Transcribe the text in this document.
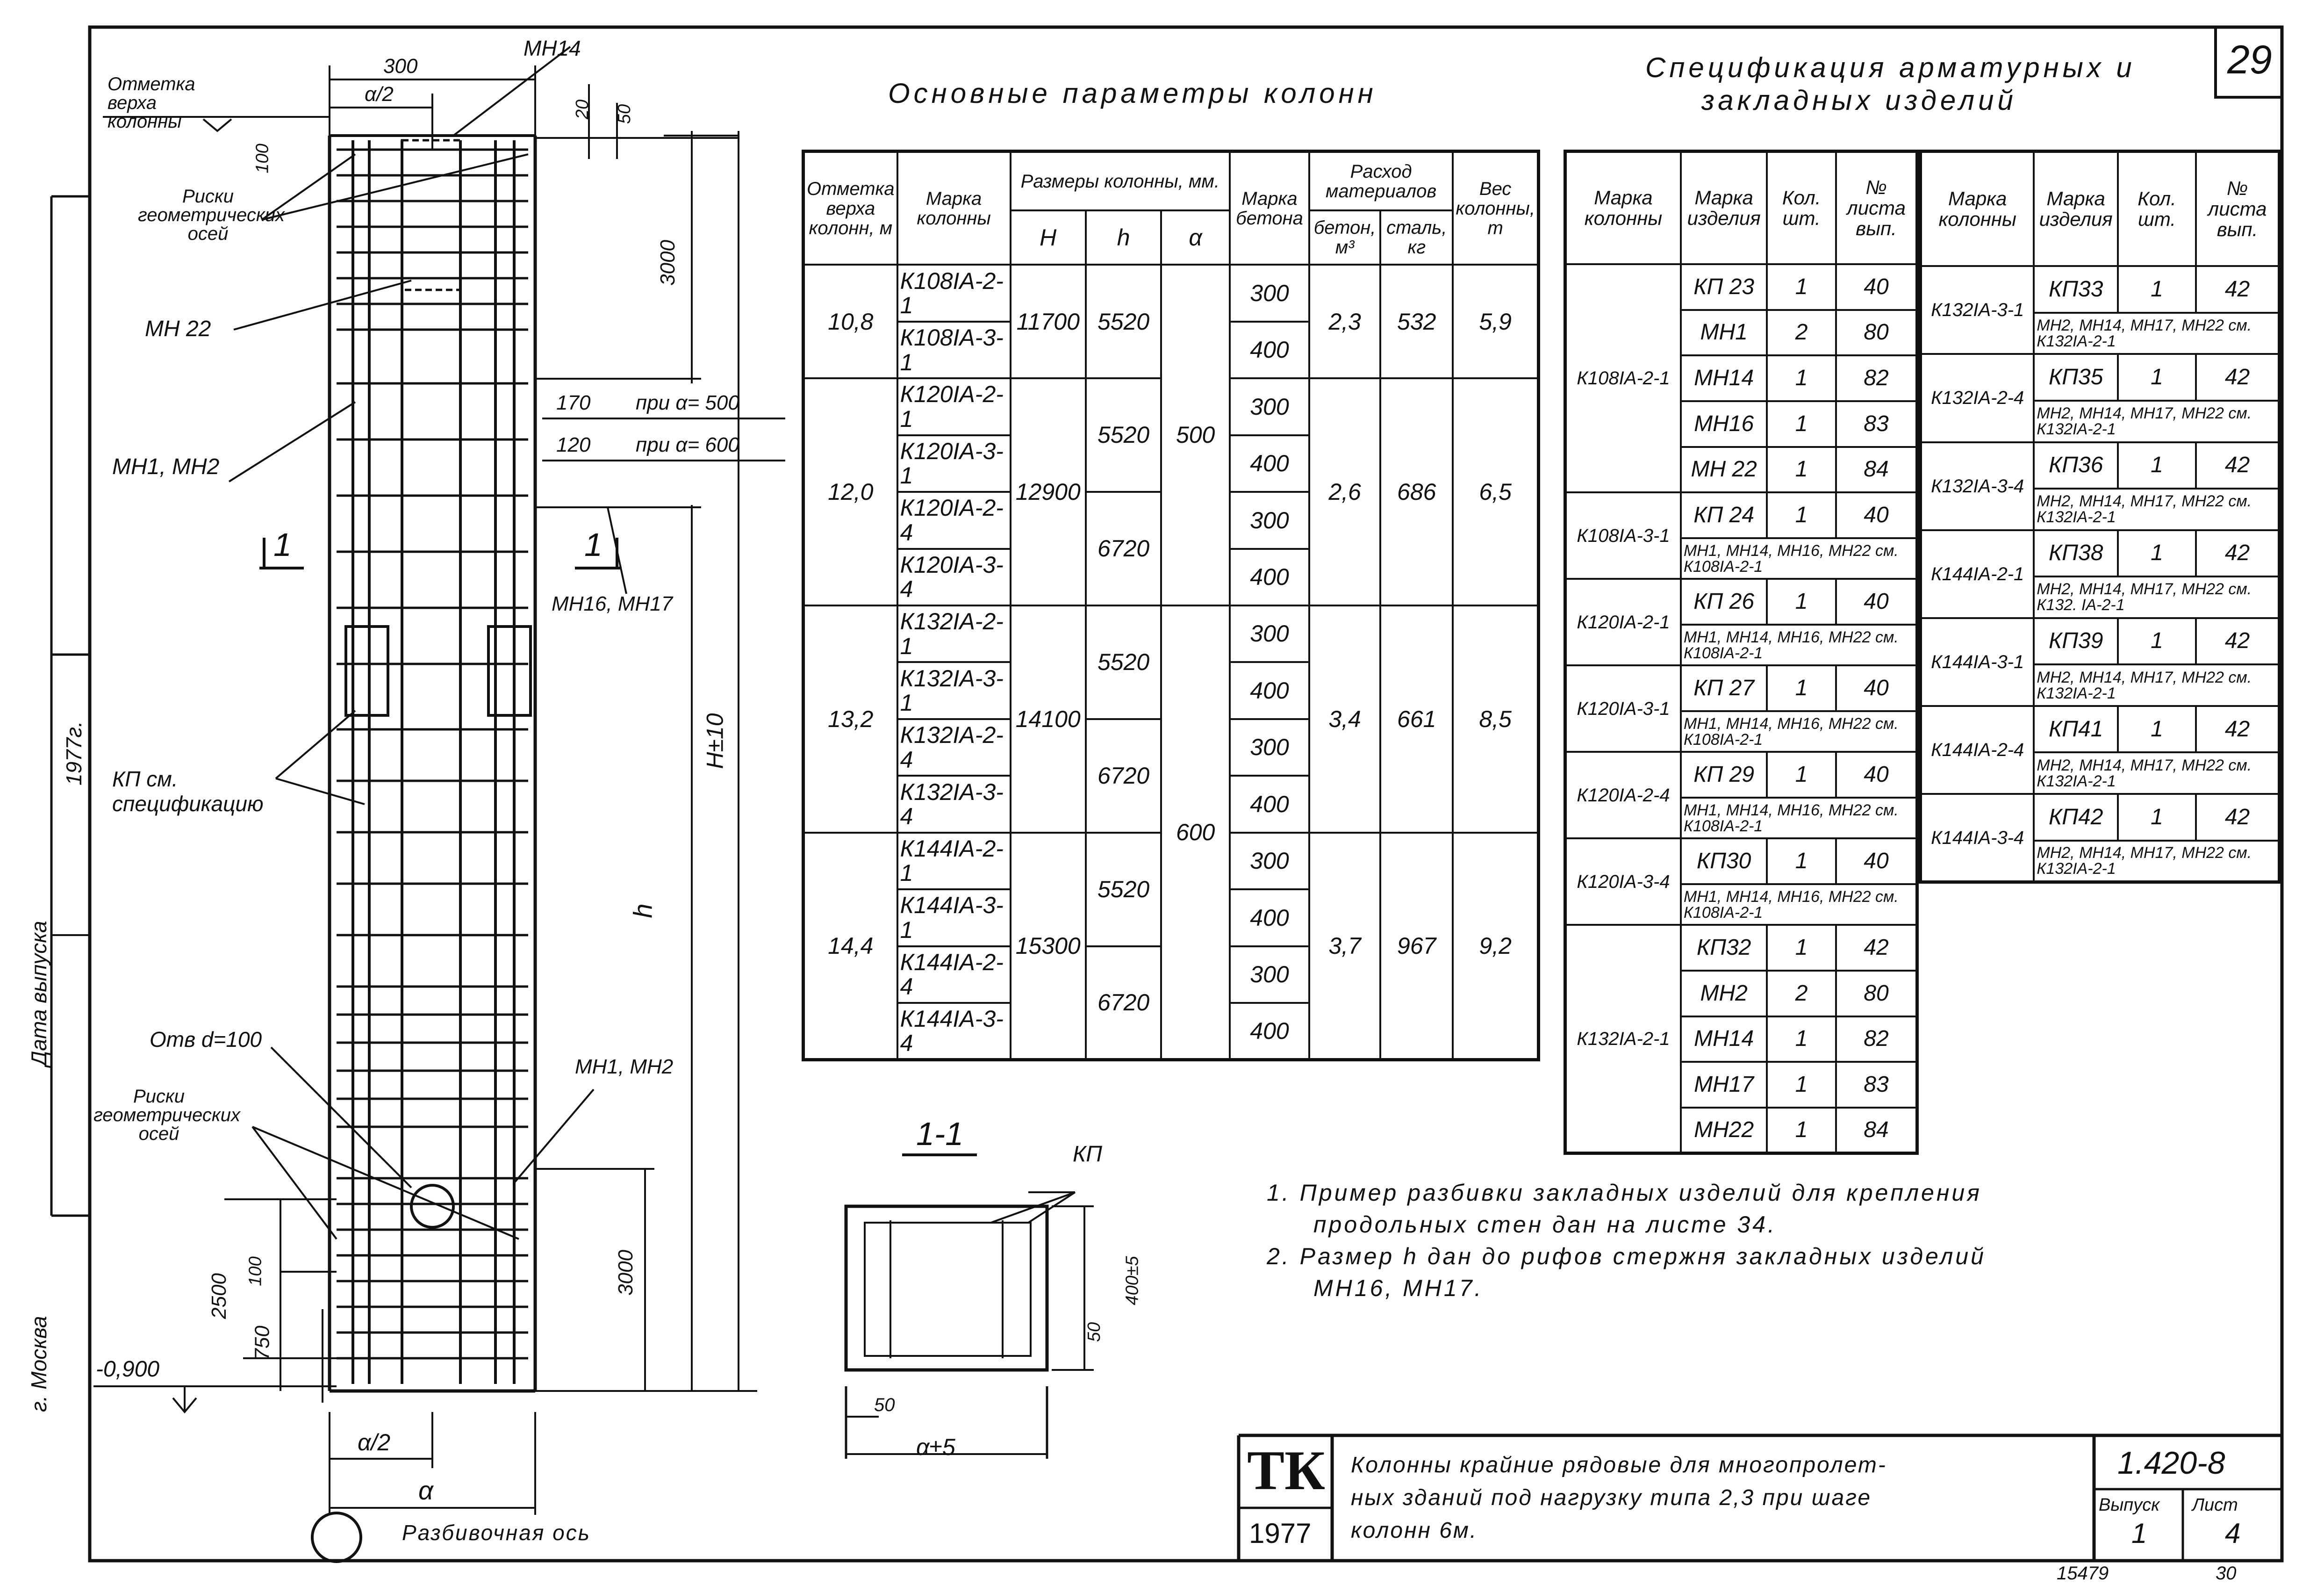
29
Основные параметры колонн
Спецификация арматурных и
закладных изделий
Отметка верха колонн, м	Марка колонны	Размеры колонны, мм.			Марка бетона	Расход материалов		Вес колонны, т
		H	h	α		бетон, м³	сталь, кг	
10,8	К108IА-2-1	11700	5520	500	300	2,3	532	5,9
	К108IА-3-1				400			
12,0	К120IА-2-1	12900	5520		300	2,6	686	6,5
	К120IА-3-1				400			
	К120IА-2-4		6720		300			
	К120IА-3-4				400			
13,2	К132IА-2-1	14100	5520	600	300	3,4	661	8,5
	К132IА-3-1				400			
	К132IА-2-4		6720		300			
	К132IА-3-4				400			
14,4	К144IА-2-1	15300	5520		300	3,7	967	9,2
	К144IА-3-1				400			
	К144IА-2-4		6720		300			
	К144IА-3-4				400			
Марка колонны	Марка изделия	Кол. шт.	№ листа вып.
К108IА-2-1	КП 23	1	40
	МН1	2	80
	МН14	1	82
	МН16	1	83
	МН 22	1	84
К108IА-3-1	КП 24	1	40
	МН1, МН14, МН16, МН22 см. К108IА-2-1		
К120IА-2-1	КП 26	1	40
	МН1, МН14, МН16, МН22 см. К108IА-2-1		
К120IА-3-1	КП 27	1	40
	МН1, МН14, МН16, МН22 см. К108IА-2-1		
К120IА-2-4	КП 29	1	40
	МН1, МН14, МН16, МН22 см. К108IА-2-1		
К120IА-3-4	КП30	1	40
	МН1, МН14, МН16, МН22 см. К108IА-2-1		
К132IА-2-1	КП32	1	42
	МН2	2	80
	МН14	1	82
	МН17	1	83
	МН22	1	84
Марка колонны	Марка изделия	Кол. шт.	№ листа вып.
К132IА-3-1	КП33	1	42
	МН2, МН14, МН17, МН22 см. К132IА-2-1		
К132IА-2-4	КП35	1	42
	МН2, МН14, МН17, МН22 см. К132IА-2-1		
К132IА-3-4	КП36	1	42
	МН2, МН14, МН17, МН22 см. К132IА-2-1		
К144IА-2-1	КП38	1	42
	МН2, МН14, МН17, МН22 см. К132. IА-2-1		
К144IА-3-1	КП39	1	42
	МН2, МН14, МН17, МН22 см. К132IА-2-1		
К144IА-2-4	КП41	1	42
	МН2, МН14, МН17, МН22 см. К132IА-2-1		
К144IА-3-4	КП42	1	42
	МН2, МН14, МН17, МН22 см. К132IА-2-1		
1. Пример разбивки закладных изделий для крепления
продольных стен дан на листе 34.
2. Размер h дан до рифов стержня закладных изделий
МН16, МН17.
Отметка верха колонны
МН14
300
α/2
20 50
100
Риски геометрических осей
МН 22
3000
170 при α= 500
120 при α= 600
МН1, МН2
1	1
МН16, МН17
H±10
h
КП см. спецификацию
Отв d=100
МН1, МН2
Риски геометрических осей
3000
2500
100
750
-0,900
α/2
α
Разбивочная ось
1-1
КП
50
400±5
50
α±5
Дата выпуска
1977г.
г. Москва
ТК
1977
Колонны крайние рядовые для многопролет-
ных зданий под нагрузку типа 2,3 при шаге
колонн 6м.
1.420-8
Выпуск
1
Лист
4
15479	30
